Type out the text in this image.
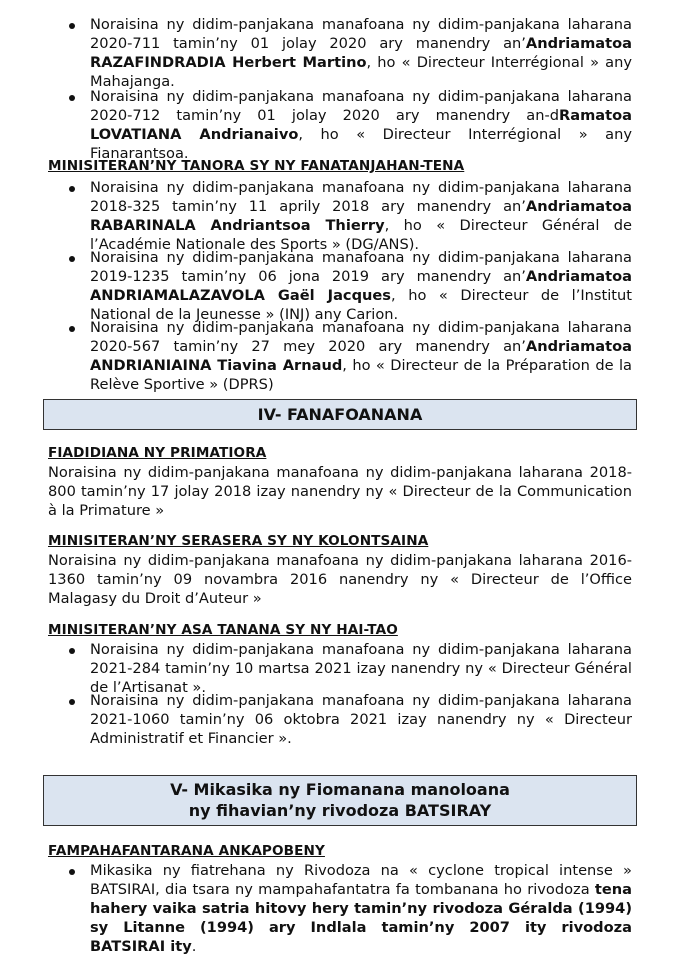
Noraisina ny didim-panjakana manafoana ny didim-panjakana laharana 2020-711 tamin’ny 01 jolay 2020 ary manendry an’Andriamatoa RAZAFINDRADIA Herbert Martino, ho « Directeur Interrégional » any Mahajanga.
Noraisina ny didim-panjakana manafoana ny didim-panjakana laharana 2020-712 tamin’ny 01 jolay 2020 ary manendry an-dRamatoa LOVATIANA Andrianaivo, ho « Directeur Interrégional » any Fianarantsoa.
MINISITERAN’NY TANORA SY NY FANATANJAHAN-TENA
Noraisina ny didim-panjakana manafoana ny didim-panjakana laharana 2018-325 tamin’ny 11 aprily 2018 ary manendry an’Andriamatoa RABARINALA Andriantsoa Thierry, ho « Directeur Général de l’Académie Nationale des Sports » (DG/ANS).
Noraisina ny didim-panjakana manafoana ny didim-panjakana laharana 2019-1235 tamin’ny 06 jona 2019 ary manendry an’Andriamatoa ANDRIAMALAZAVOLA Gaël Jacques, ho « Directeur de l’Institut National de la Jeunesse » (INJ) any Carion.
Noraisina ny didim-panjakana manafoana ny didim-panjakana laharana 2020-567 tamin’ny 27 mey 2020 ary manendry an’Andriamatoa ANDRIANIAINA Tiavina Arnaud, ho « Directeur de la Préparation de la Relève Sportive » (DPRS)
IV- FANAFOANANA
FIADIDIANA NY PRIMATIORA
Noraisina ny didim-panjakana manafoana ny didim-panjakana laharana 2018-800 tamin’ny 17 jolay 2018 izay nanendry ny « Directeur de la Communication à la Primature »
MINISITERAN’NY SERASERA SY NY KOLONTSAINA
Noraisina ny didim-panjakana manafoana ny didim-panjakana laharana 2016-1360 tamin’ny 09 novambra 2016 nanendry ny « Directeur de l’Office Malagasy du Droit d’Auteur »
MINISITERAN’NY ASA TANANA SY NY HAI-TAO
Noraisina ny didim-panjakana manafoana ny didim-panjakana laharana 2021-284 tamin’ny 10 martsa 2021 izay nanendry ny « Directeur Général de l’Artisanat ».
Noraisina ny didim-panjakana manafoana ny didim-panjakana laharana 2021-1060 tamin’ny 06 oktobra 2021 izay nanendry ny « Directeur Administratif et Financier ».
V- Mikasika ny Fiomanana manoloana
ny fihavian’ny rivodoza BATSIRAY
FAMPAHAFANTARANA ANKAPOBENY
Mikasika ny fiatrehana ny Rivodoza na « cyclone tropical intense » BATSIRAI, dia tsara ny mampahafantatra fa tombanana ho rivodoza tena hahery vaika satria hitovy hery tamin’ny rivodoza Géralda (1994) sy Litanne (1994) ary Indlala tamin’ny 2007 ity rivodoza BATSIRAI ity.
